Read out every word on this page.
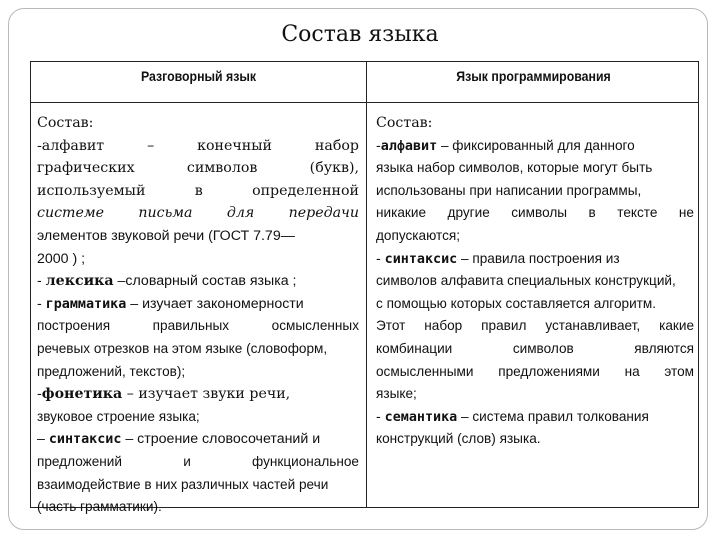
Состав языка
Разговорный язык	Язык программирования
Состав:
-алфавит – конечный набор
графических символов (букв),
используемый в определенной
системе письма для передачи
элементов звуковой речи (ГОСТ 7.79—
2000 ) ;
- лексика –словарный состав языка ;
- грамматика – изучает закономерности
построения правильных осмысленных
речевых отрезков на этом языке (словоформ,
предложений, текстов);
-фонетика – изучает звуки речи,
звуковое строение языка;
– синтаксис – строение словосочетаний и
предложений и функциональное
взаимодействие в них различных частей речи
(часть грамматики).
Состав:
-алфавит – фиксированный для данного
языка набор символов, которые могут быть
использованы при написании программы,
никакие другие символы в тексте не
допускаются;
- синтаксис – правила построения из
символов алфавита специальных конструкций,
с помощью которых составляется алгоритм.
Этот набор правил устанавливает, какие
комбинации символов являются
осмысленными предложениями на этом
языке;
- семантика – система правил толкования
конструкций (слов) языка.
